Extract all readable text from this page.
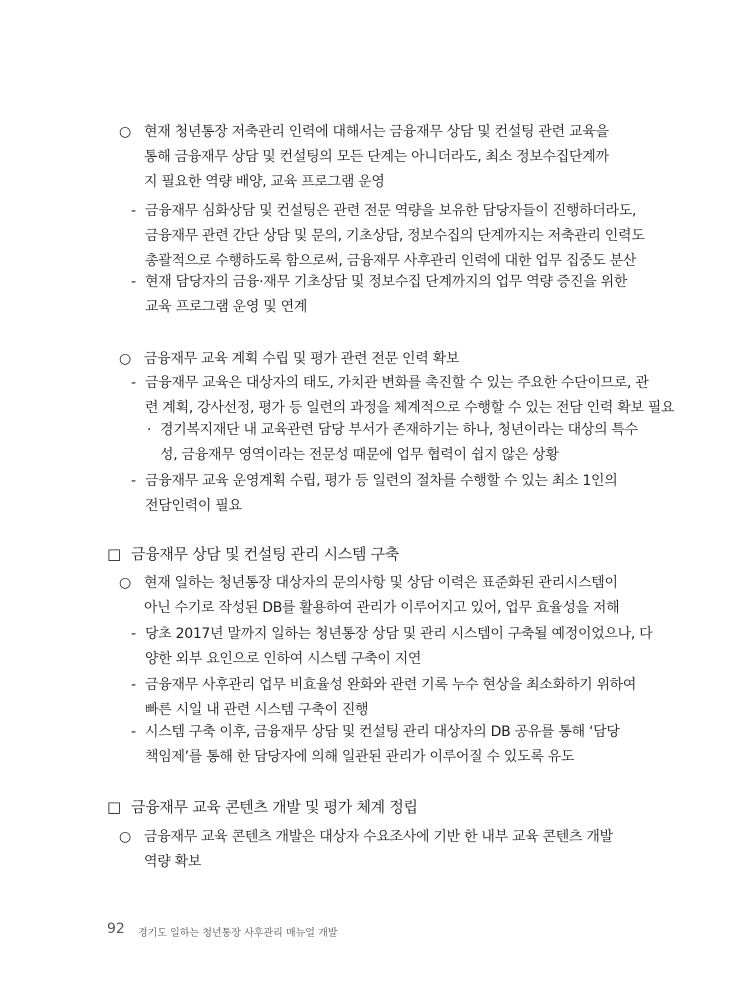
○ 현재 청년통장 저축관리 인력에 대해서는 금융재무 상담 및 컨설팅 관련 교육을
통해 금융재무 상담 및 컨설팅의 모든 단계는 아니더라도, 최소 정보수집단계까
지 필요한 역량 배양, 교육 프로그램 운영
- 금융재무 심화상담 및 컨설팅은 관련 전문 역량을 보유한 담당자들이 진행하더라도,
금융재무 관련 간단 상담 및 문의, 기초상담, 정보수집의 단계까지는 저축관리 인력도
총괄적으로 수행하도록 함으로써, 금융재무 사후관리 인력에 대한 업무 집중도 분산
- 현재 담당자의 금융·재무 기초상담 및 정보수집 단계까지의 업무 역량 증진을 위한
교육 프로그램 운영 및 연계
○ 금융재무 교육 계획 수립 및 평가 관련 전문 인력 확보
- 금융재무 교육은 대상자의 태도, 가치관 변화를 촉진할 수 있는 주요한 수단이므로, 관
련 계획, 강사선정, 평가 등 일련의 과정을 체계적으로 수행할 수 있는 전담 인력 확보 필요
· 경기복지재단 내 교육관련 담당 부서가 존재하기는 하나, 청년이라는 대상의 특수
성, 금융재무 영역이라는 전문성 때문에 업무 협력이 쉽지 않은 상황
- 금융재무 교육 운영계획 수립, 평가 등 일련의 절차를 수행할 수 있는 최소 1인의
전담인력이 필요
□ 금융재무 상담 및 컨설팅 관리 시스템 구축
○ 현재 일하는 청년통장 대상자의 문의사항 및 상담 이력은 표준화된 관리시스템이
아닌 수기로 작성된 DB를 활용하여 관리가 이루어지고 있어, 업무 효율성을 저해
- 당초 2017년 말까지 일하는 청년통장 상담 및 관리 시스템이 구축될 예정이었으나, 다
양한 외부 요인으로 인하여 시스템 구축이 지연
- 금융재무 사후관리 업무 비효율성 완화와 관련 기록 누수 현상을 최소화하기 위하여
빠른 시일 내 관련 시스템 구축이 진행
- 시스템 구축 이후, 금융재무 상담 및 컨설팅 관리 대상자의 DB 공유를 통해 ‘담당
책임제’를 통해 한 담당자에 의해 일관된 관리가 이루어질 수 있도록 유도
□ 금융재무 교육 콘텐츠 개발 및 평가 체계 정립
○ 금융재무 교육 콘텐츠 개발은 대상자 수요조사에 기반 한 내부 교육 콘텐츠 개발
역량 확보
92 경기도 일하는 청년통장 사후관리 매뉴얼 개발
